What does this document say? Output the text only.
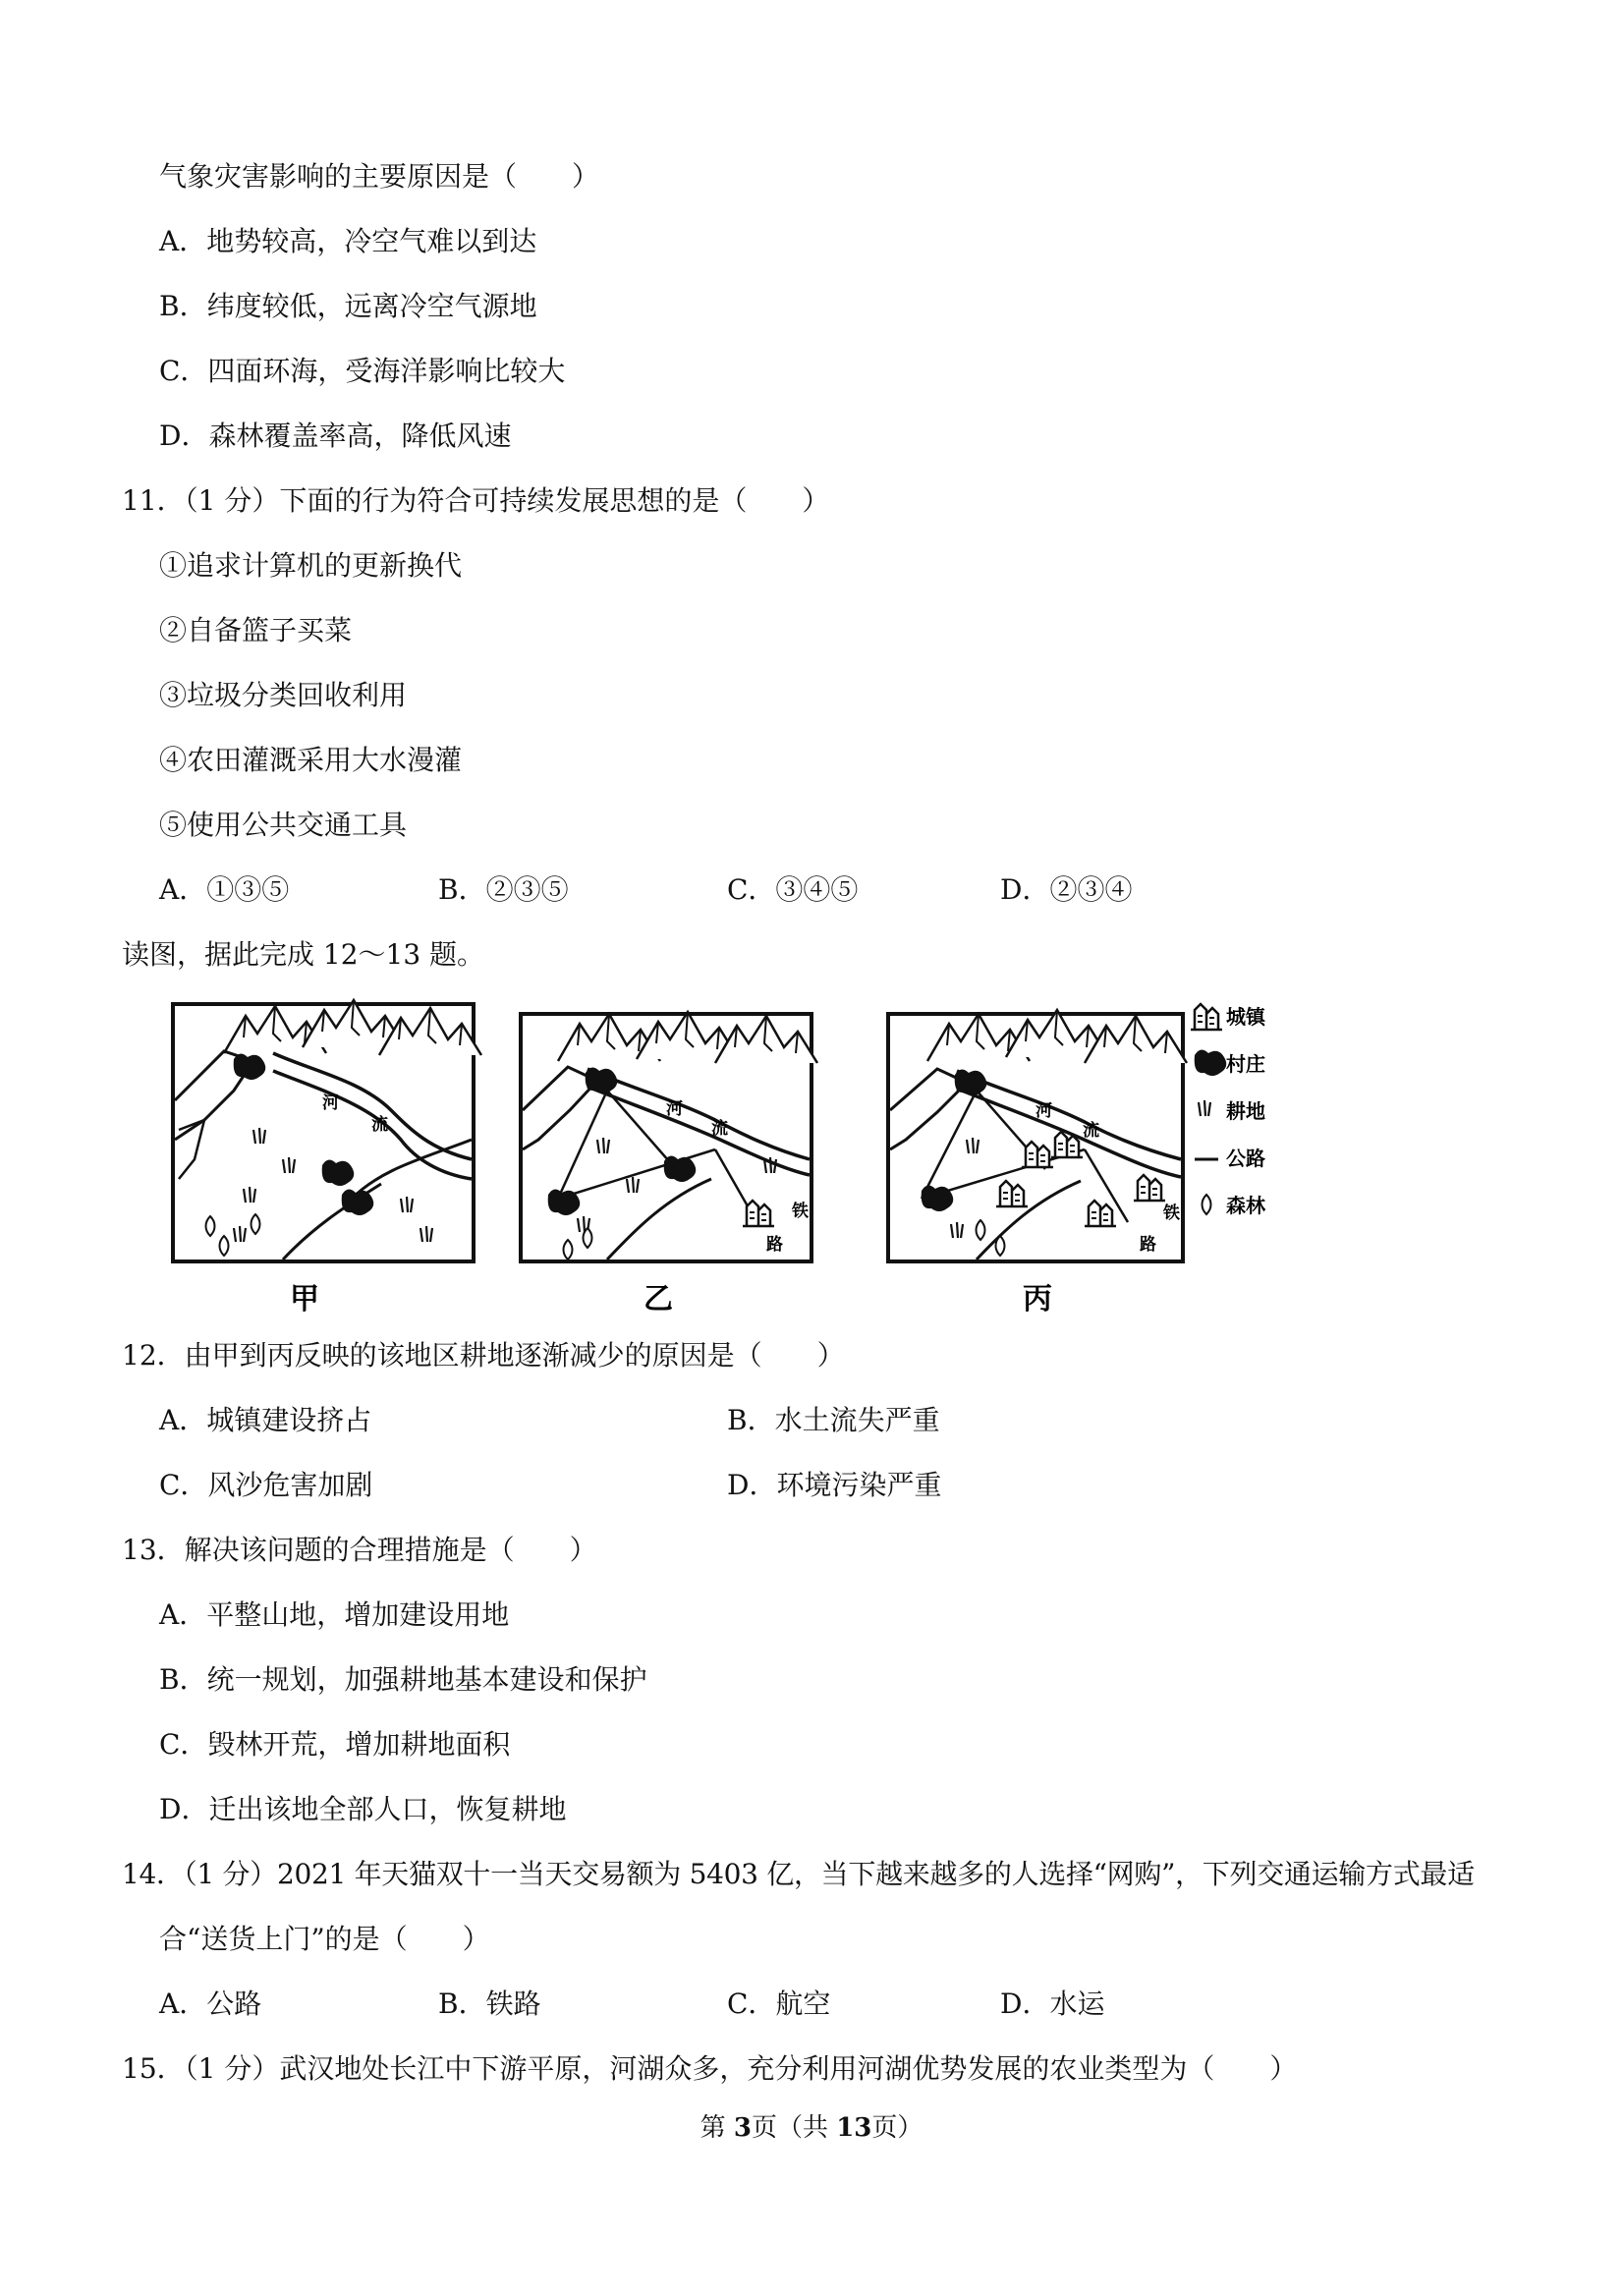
气象灾害影响的主要原因是（　　）
A．地势较高，冷空气难以到达
B．纬度较低，远离冷空气源地
C．四面环海，受海洋影响比较大
D．森林覆盖率高，降低风速
11．（1 分）下面的行为符合可持续发展思想的是（　　）
①追求计算机的更新换代
②自备篮子买菜
③垃圾分类回收利用
④农田灌溉采用大水漫灌
⑤使用公共交通工具
A．①③⑤	B．②③⑤	C．③④⑤	D．②③④
读图，据此完成 12～13 题。
河
流
甲
河
流
铁
路
乙
河
流
铁
路
丙
城镇
村庄
耕地
公路
森林
12．由甲到丙反映的该地区耕地逐渐减少的原因是（　　）
A．城镇建设挤占	B．水土流失严重
C．风沙危害加剧	D．环境污染严重
13．解决该问题的合理措施是（　　）
A．平整山地，增加建设用地
B．统一规划，加强耕地基本建设和保护
C．毁林开荒，增加耕地面积
D．迁出该地全部人口，恢复耕地
14．（1 分）2021 年天猫双十一当天交易额为 5403 亿，当下越来越多的人选择“网购”，下列交通运输方式最适
合“送货上门”的是（　　）
A．公路	B．铁路	C．航空	D．水运
15．（1 分）武汉地处长江中下游平原，河湖众多，充分利用河湖优势发展的农业类型为（　　）
第 3页（共 13页）
